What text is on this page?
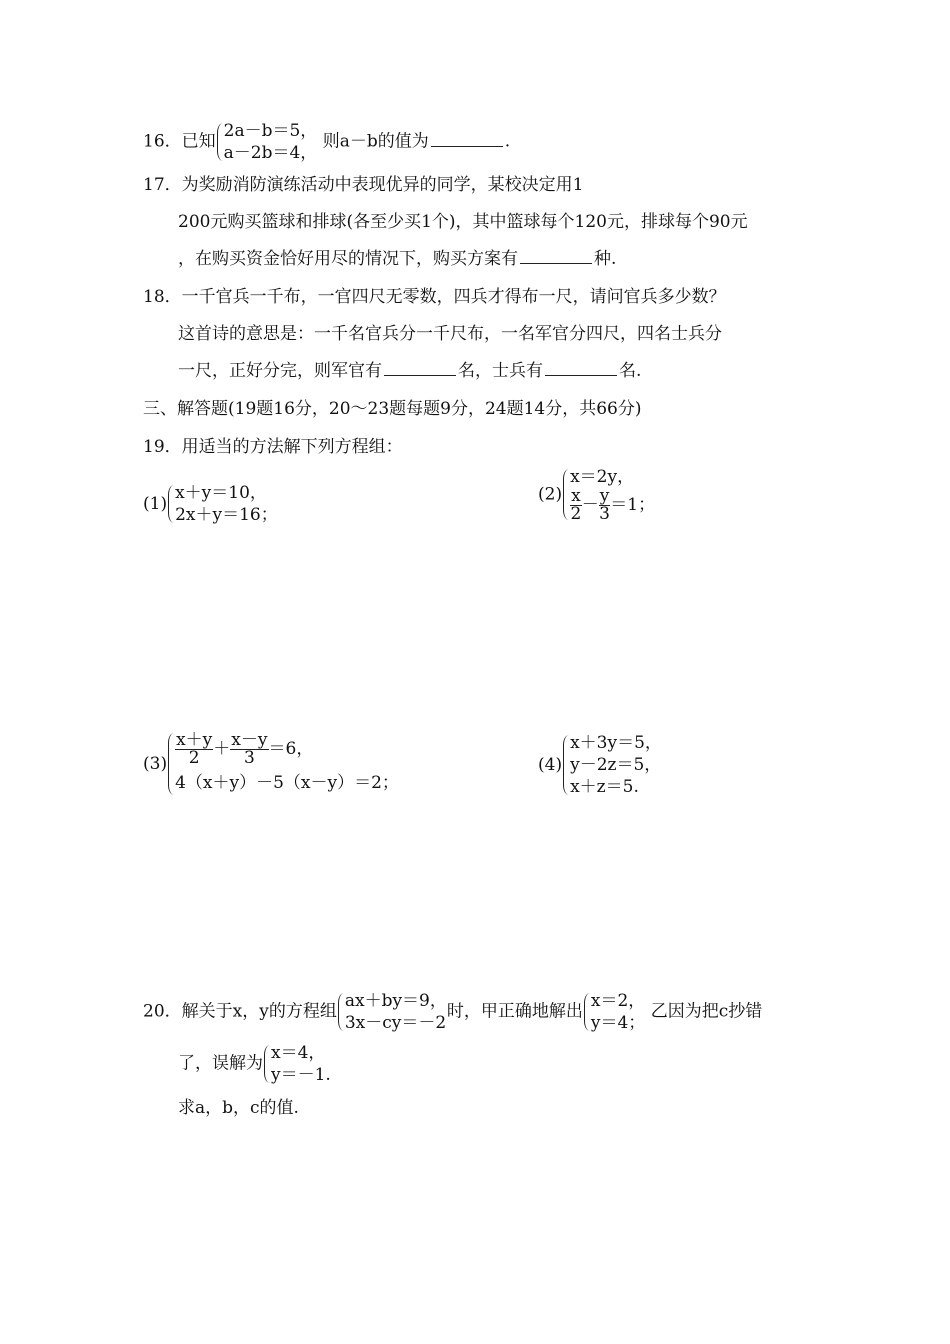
16．已知
2a－b＝5，
a－2b＝4，
则a－b的值为	.
17．为奖励消防演练活动中表现优异的同学，某校决定用1
200元购买篮球和排球(各至少买1个)，其中篮球每个120元，排球每个90元
，在购买资金恰好用尽的情况下，购买方案有	种.
18．一千官兵一千布，一官四尺无零数，四兵才得布一尺，请问官兵多少数？
这首诗的意思是：一千名官兵分一千尺布，一名军官分四尺，四名士兵分
一尺，正好分完，则军官有	名，士兵有	名.
三、解答题(19题16分，20～23题每题9分，24题14分，共66分)
19．用适当的方法解下列方程组：
(1)
x＋y＝10，
2x＋y＝16；
(2)
x＝2y，
$\frac{x}{2} - \frac{y}{3} =1$；
$(3) \frac{x+y}{2} + \frac{x-y}{3} =6$，
4（x＋y）－5（x－y）＝2；
(4)
x＋3y＝5，
y－2z＝5，
x＋z＝5.
20．解关于x，y的方程组
ax＋by＝9，
3x－cy＝－2
时，甲正确地解出
x＝2，
y＝4；
乙因为把c抄错
了，误解为
x＝4，
y＝－1.
求a，b，c的值.
